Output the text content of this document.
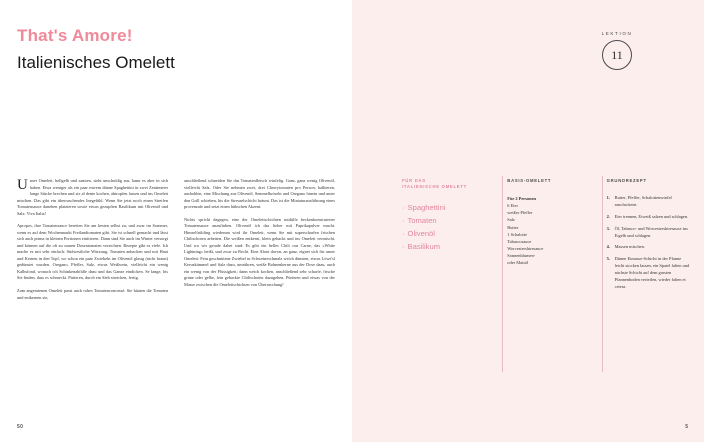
That's Amore!
Italienisches Omelett

Unser Omelett, hellgelb und samten, sieht unschuldig aus, kann es aber in sich haben. Etwa weniger als ein paar extrem dünne Spaghettini in zwei Zentimeter lange Stücke brechen und sie al dente kochen, abtropfen lassen und ins Omelett mischen. Das gibt ein überraschendes Inegefühl. Wenn Sie jetzt noch einen Streifen Tomatensauce daneben platzieren sowie etwas gezupften Basilikum mit Olivenöl und Salz: Viva Italia!

Apropos, ihre Tomatensauce bereiten Sie am besten selbst zu, und zwar im Sommer, wenn es auf dem Wochenmarkt Freilandtomaten gibt. Sie ist schnell gemacht und lässt sich auch prima in kleinen Portionen einfrieren. Dann sind Sie auch im Winter versorgt und können auf die oft zu sauren Dosentomaten verzichten. Rezepte gibt es viele. Ich mache es mit sehr einfach: Südwestliche Würzung, Tomaten anbacken und mit Haut und Kernen in den Topf, wo schon ein paar Zwiebeln im Olivenöl glasig (nicht braun) gedünstet wurden. Oregano, Pfeffer, Salz, etwas Weißwein, vielleicht ein wenig Kalbsfond, wonach ich Schinkenabfälle dazu und das Ganze eindicken. Se lange, bis Sie finden, dass es schmeckt. Pürieren, durch ein Sieb streichen, fertig.

Zum angeratenen Omelett passt auch rohes Tomatenconcassé: Sie häuten die Tomaten und entkernen sie,

anschließend schneiden Sie das Tomatenfleisch würfelig. Ganz, ganz wenig Olivenöl, vielleicht Salz. Oder Sie nehmen zwei, drei Cherrytomaten pro Person; halbieren, ausbohlen, eine Mischung aus Olivenöl, Semmelbröseln und Oregano hinein und unter den Grill schieben, bis die Streuselschicht bräunt. Das ist die Miniaturausführung eines provenzale und setzt einen hübschen Akzent.

Nichts spricht dagegen, eine der Omelettschichten mithilfe beckenkonstruierter Tomatensauce anzufärben. Olivenöl ich das lieber mit Paprikapulver macht. Himselfrühling wiederum wird ihr Omelett, wenn Sie mit superscharfen frischen Chilischoten arbeiten. Die weißen entkernt, klein gehackt und ins Omelett vermischt. Und wo wir gerade dabei sind: Es gibt ein helles Chili con Carne, das »White Lightning« heißt, und zwar zu Recht. Eine Abart davon, an ganz, eignet sich für unser Omelett: Fein geschnittene Zwiebel in Schweineschmalz weich dünsten, etwas Löwe'sl Kreuzkümmel und Salz dazu, umrühren, weiße Bohnenkerne aus der Dose dazu, auch ein wenig von der Flüssigkeit; dann weich kochen, anschließend sehr scharfe, frische grüne oder gelbe, fein gehackte Chilischoten dazugeben. Pürieren und etwas von der Masse zwischen die Omelettschichten von Überraschung!

50
LEKTION
11
FÜR DAS
ITALIENISCHE OMELETT
· Spaghettini
· Tomaten
· Olivenöl
· Basilikum
BASIS-OMELETT
Für 2 Personen
6 Eier
weißer Pfeffer
Salz
Butter
1 Schalotte
Tabascosauce
Worcestershiresauce
Sonnenblumen-
oder Maisöl
GRUNDREZEPT
Butter, Pfeffer, Schalottenwürfel anschwitzen.
Eier trennen, Eiweiß salzen und schlagen.
Öl, Tabasco- und Worcestershiresauce ins Eigelb und schlagen.
Massen mischen.
Dünne Eimasse-Schicht in der Pfanne leicht stocken lassen, ein Spatel falten und nächste Schicht auf dem garsten Pfannenboden verteilen, wieder falten et cetera.
5
